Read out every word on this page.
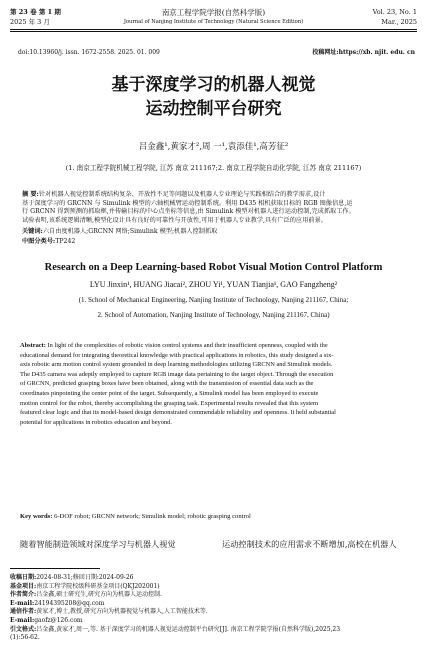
第 23 卷 第 1 期
2025 年 3 月
南京工程学院学报(自然科学版)
Journal of Nanjing Institute of Technology (Natural Science Edition)
Vol. 23, No. 1
Mar., 2025
doi:10.13960/j. issn. 1672-2558. 2025. 01. 009	投稿网址:https://xb. njit. edu. cn
基于深度学习的机器人视觉
运动控制平台研究
吕金鑫¹,黄家才²,周 一¹,袁添佳¹,高芳征²
(1. 南京工程学院机械工程学院, 江苏 南京 211167;2. 南京工程学院自动化学院, 江苏 南京 211167)
摘 要:针对机器人视觉控制系统结构复杂、开放性不足等问题以及机器人专业理论与实践相结合的教学需求,设计
基于深度学习的 GRCNN 与 Simulink 模型的六轴机械臂运动控制系统。利用 D435 相机获取目标的 RGB 图像信息,运
行 GRCNN 得到预测的抓取框,并传输目标的中心点坐标等信息,由 Simulink 模型对机器人进行运动控制,完成抓取工作。
试验表明,该系统逻辑清晰,模型化设计具有良好的可靠性与开放性,可用于机器人专业教学,具有广泛的应用前景。
关键词:六自由度机器人;GRCNN 网络;Simulink 模型;机器人控制抓取
中图分类号:TP242
Research on a Deep Learning-based Robot Visual Motion Control Platform
LYU Jinxin¹, HUANG Jiacai², ZHOU Yi¹, YUAN Tianjia¹, GAO Fangzheng²
(1. School of Mechanical Engineering, Nanjing Institute of Technology, Nanjing 211167, China;
2. School of Automation, Nanjing Institute of Technology, Nanjing 211167, China)
Abstract: In light of the complexities of robotic vision control systems and their insufficient openness, coupled with the
educational demand for integrating theoretical knowledge with practical applications in robotics, this study designed a six-
axis robotic arm motion control system grounded in deep learning methodologies utilizing GRCNN and Simulink models.
The D435 camera was adeptly employed to capture RGB image data pertaining to the target object. Through the execution
of GRCNN, predicted grasping boxes have been obtained, along with the transmission of essential data such as the
coordinates pinpointing the center point of the target. Subsequently, a Simulink model has been employed to execute
motion control for the robot, thereby accomplishing the grasping task. Experimental results revealed that this system
featured clear logic and that its model-based design demonstrated commendable reliability and openness. It held substantial
potential for applications in robotics education and beyond.
Key words: 6-DOF robot; GRCNN network; Simulink model; robotic grasping control
随着智能制造领域对深度学习与机器人视觉	运动控制技术的应用需求不断增加,高校在机器人
收稿日期:2024-08-31;修回日期:2024-09-26
基金项目:南京工程学院校级科研基金项目(QKJ202001)
作者简介:吕金鑫,硕士研究生,研究方向为机器人运动控制.
E-mail:24194395208@qq.com
通信作者:黄家才,博士,教授,研究方向为机器视觉与机器人,人工智能技术等.
E-mail:gaofz@126.com
引文格式:吕金鑫,黄家才,周一,等. 基于深度学习的机器人视觉运动控制平台研究[J]. 南京工程学院学报(自然科学版),2025,23
(1):56-62.
